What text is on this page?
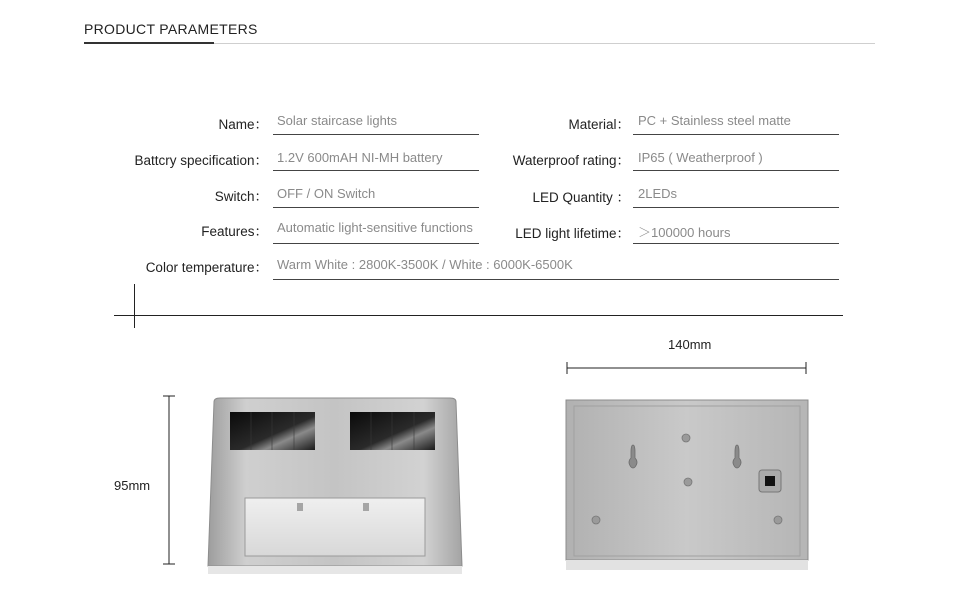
PRODUCT PARAMETERS
Name： Solar staircase lights
Battcry specification： 1.2V 600mAH NI-MH battery
Switch： OFF / ON Switch
Features： Automatic light-sensitive functions
Color temperature： Warm White : 2800K-3500K / White : 6000K-6500K
Material： PC + Stainless steel matte
Waterproof rating： IP65 ( Weatherproof )
LED Quantity ： 2LEDs
LED light lifetime： ＞100000 hours
95mm
140mm
